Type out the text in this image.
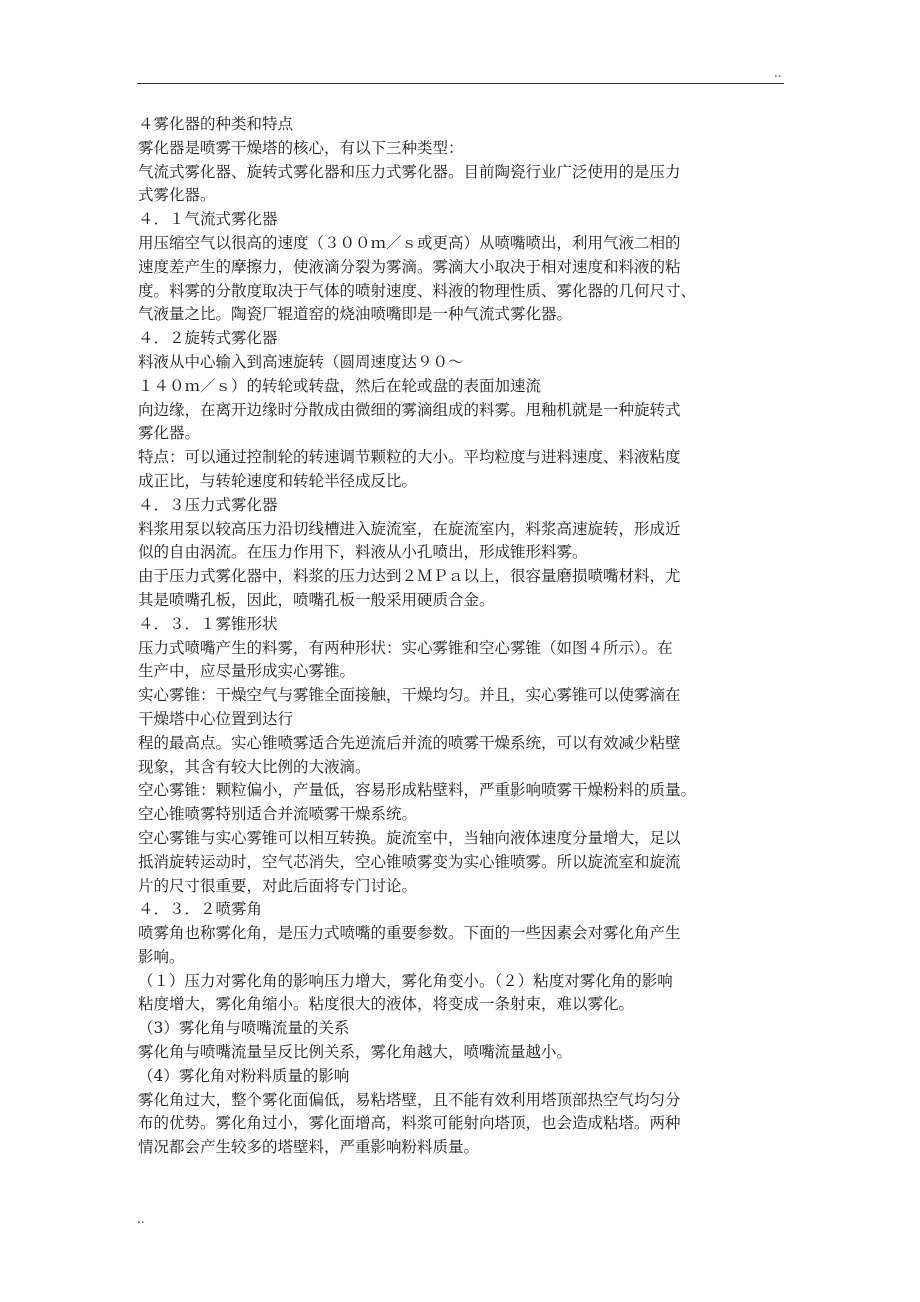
..
４雾化器的种类和特点
雾化器是喷雾干燥塔的核心，有以下三种类型：
气流式雾化器、旋转式雾化器和压力式雾化器。目前陶瓷行业广泛使用的是压力
式雾化器。
４．１气流式雾化器
用压缩空气以很高的速度（３００ｍ／ｓ或更高）从喷嘴喷出，利用气液二相的
速度差产生的摩擦力，使液滴分裂为雾滴。雾滴大小取决于相对速度和料液的粘
度。料雾的分散度取决于气体的喷射速度、料液的物理性质、雾化器的几何尺寸、
气液量之比。陶瓷厂辊道窑的烧油喷嘴即是一种气流式雾化器。
４．２旋转式雾化器
料液从中心输入到高速旋转（圆周速度达９０～
１４０ｍ／ｓ）的转轮或转盘，然后在轮或盘的表面加速流
向边缘，在离开边缘时分散成由微细的雾滴组成的料雾。甩釉机就是一种旋转式
雾化器。
特点：可以通过控制轮的转速调节颗粒的大小。平均粒度与进料速度、料液粘度
成正比，与转轮速度和转轮半径成反比。
４．３压力式雾化器
料浆用泵以较高压力沿切线槽进入旋流室，在旋流室内，料浆高速旋转，形成近
似的自由涡流。在压力作用下，料液从小孔喷出，形成锥形料雾。
由于压力式雾化器中，料浆的压力达到２ＭＰａ以上，很容量磨损喷嘴材料，尤
其是喷嘴孔板，因此，喷嘴孔板一般采用硬质合金。
４．３．１雾锥形状
压力式喷嘴产生的料雾，有两种形状：实心雾锥和空心雾锥（如图４所示）。在
生产中，应尽量形成实心雾锥。
实心雾锥：干燥空气与雾锥全面接触，干燥均匀。并且，实心雾锥可以使雾滴在
干燥塔中心位置到达行
程的最高点。实心锥喷雾适合先逆流后并流的喷雾干燥系统，可以有效减少粘壁
现象，其含有较大比例的大液滴。
空心雾锥：颗粒偏小，产量低，容易形成粘壁料，严重影响喷雾干燥粉料的质量。
空心锥喷雾特别适合并流喷雾干燥系统。
空心雾锥与实心雾锥可以相互转换。旋流室中，当轴向液体速度分量增大，足以
抵消旋转运动时，空气芯消失，空心锥喷雾变为实心锥喷雾。所以旋流室和旋流
片的尺寸很重要，对此后面将专门讨论。
４．３．２喷雾角
喷雾角也称雾化角，是压力式喷嘴的重要参数。下面的一些因素会对雾化角产生
影响。
（１）压力对雾化角的影响压力增大，雾化角变小。（２）粘度对雾化角的影响
粘度增大，雾化角缩小。粘度很大的液体，将变成一条射束，难以雾化。
（3）雾化角与喷嘴流量的关系
雾化角与喷嘴流量呈反比例关系，雾化角越大，喷嘴流量越小。
（4）雾化角对粉料质量的影响
雾化角过大，整个雾化面偏低，易粘塔壁，且不能有效利用塔顶部热空气均匀分
布的优势。雾化角过小，雾化面增高，料浆可能射向塔顶，也会造成粘塔。两种
情况都会产生较多的塔壁料，严重影响粉料质量。
..
